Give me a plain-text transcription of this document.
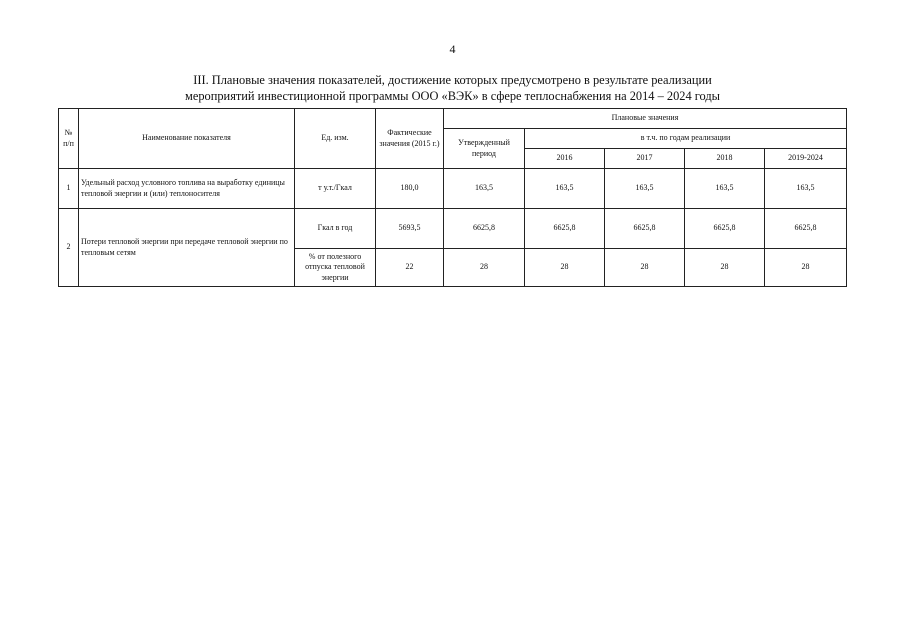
4
III. Плановые значения показателей, достижение которых предусмотрено в результате реализации
мероприятий инвестиционной программы ООО «ВЭК» в сфере теплоснабжения на 2014 – 2024 годы
№ п/п	Наименование показателя	Ед. изм.	Фактические значения (2015 г.)	Плановые значения				
				Утвержденный период	в т.ч. по годам реализации			
					2016	2017	2018	2019-2024
1	Удельный расход условного топлива на выработку единицы тепловой энергии и (или) теплоносителя	т у.т./Гкал	180,0	163,5	163,5	163,5	163,5	163,5
2	Потери тепловой энергии при передаче тепловой энергии по тепловым сетям	Гкал в год	5693,5	6625,8	6625,8	6625,8	6625,8	6625,8
		% от полезного отпуска тепловой энергии	22	28	28	28	28	28
